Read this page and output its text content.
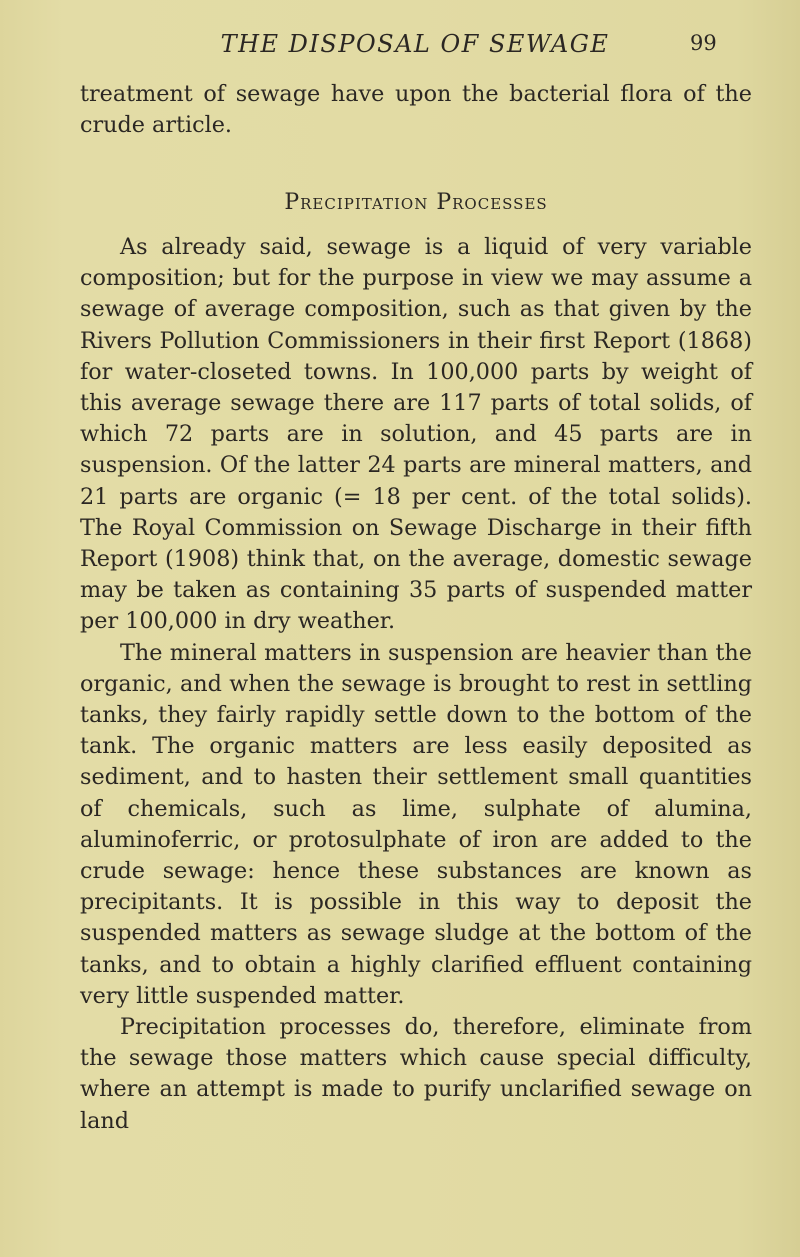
THE DISPOSAL OF SEWAGE	99

treatment of sewage have upon the bacterial flora of the crude article.

Precipitation Processes

As already said, sewage is a liquid of very variable composition; but for the purpose in view we may assume a sewage of average composition, such as that given by the Rivers Pollution Commissioners in their first Report (1868) for water-closeted towns. In 100,000 parts by weight of this average sewage there are 117 parts of total solids, of which 72 parts are in solution, and 45 parts are in suspension. Of the latter 24 parts are mineral matters, and 21 parts are organic (= 18 per cent. of the total solids). The Royal Commission on Sewage Discharge in their fifth Report (1908) think that, on the average, domestic sewage may be taken as containing 35 parts of suspended matter per 100,000 in dry weather.

The mineral matters in suspension are heavier than the organic, and when the sewage is brought to rest in settling tanks, they fairly rapidly settle down to the bottom of the tank. The organic matters are less easily deposited as sediment, and to hasten their settlement small quantities of chemicals, such as lime, sulphate of alumina, aluminoferric, or protosulphate of iron are added to the crude sewage: hence these substances are known as precipitants. It is possible in this way to deposit the suspended matters as sewage sludge at the bottom of the tanks, and to obtain a highly clarified effluent containing very little suspended matter.

Precipitation processes do, therefore, eliminate from the sewage those matters which cause special difficulty, where an attempt is made to purify unclarified sewage on land
